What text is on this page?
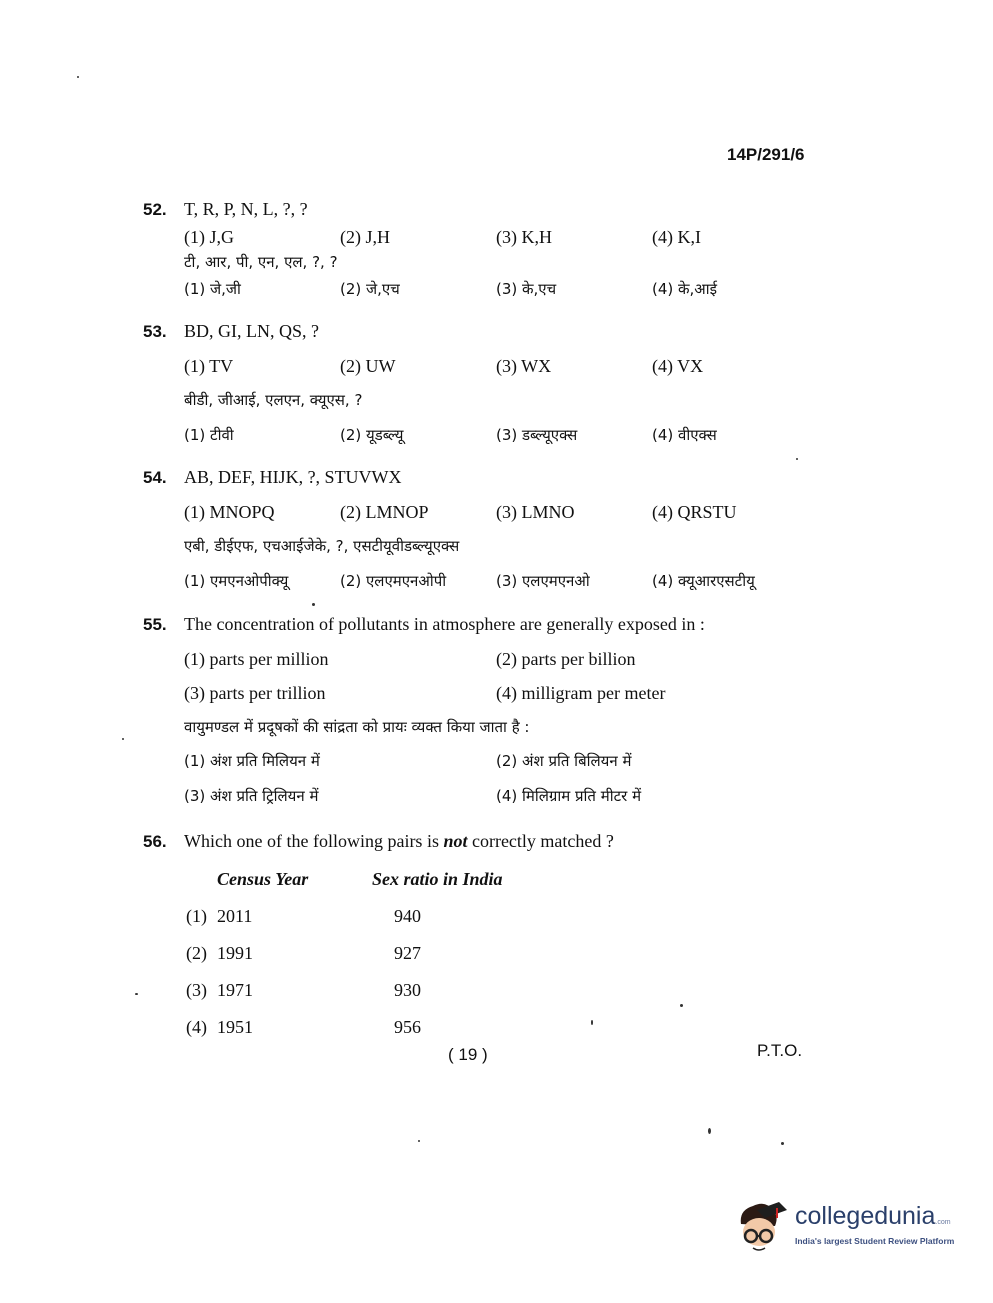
14P/291/6
52. T, R, P, N, L, ?, ?
(1) J,G	(2) J,H	(3) K,H	(4) K,I
टी, आर, पी, एन, एल, ?, ?
(1) जे,जी	(2) जे,एच	(3) के,एच	(4) के,आई
53. BD, GI, LN, QS, ?
(1) TV	(2) UW	(3) WX	(4) VX
बीडी, जीआई, एलएन, क्यूएस, ?
(1) टीवी	(2) यूडब्ल्यू	(3) डब्ल्यूएक्स	(4) वीएक्स
54. AB, DEF, HIJK, ?, STUVWX
(1) MNOPQ	(2) LMNOP	(3) LMNO	(4) QRSTU
एबी, डीईएफ, एचआईजेके, ?, एसटीयूवीडब्ल्यूएक्स
(1) एमएनओपीक्यू	(2) एलएमएनओपी	(3) एलएमएनओ	(4) क्यूआरएसटीयू
55. The concentration of pollutants in atmosphere are generally exposed in :
(1) parts per million	(2) parts per billion
(3) parts per trillion	(4) milligram per meter
वायुमण्डल में प्रदूषकों की सांद्रता को प्रायः व्यक्त किया जाता है :
(1) अंश प्रति मिलियन में	(2) अंश प्रति बिलियन में
(3) अंश प्रति ट्रिलियन में	(4) मिलिग्राम प्रति मीटर में
56. Which one of the following pairs is not correctly matched ?
Census Year	Sex ratio in India
(1) 2011	940
(2) 1991	927
(3) 1971	930
(4) 1951	956
( 19 )	P.T.O.
collegedunia.com
India's largest Student Review Platform
